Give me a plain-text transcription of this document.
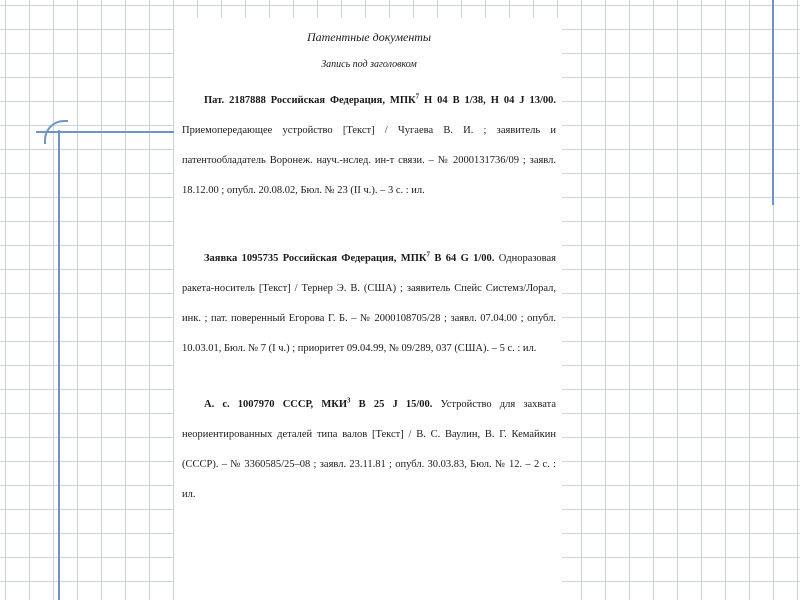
Патентные документы
Запись под заголовком

Пат. 2187888 Российская Федерация, МПК$^7$ Н 04 В 1/38, Н 04 J 13/00. Приемопередающее устройство [Текст] / Чугаева В. И. ; заявитель и патентообладатель Воронеж. науч.-нслед. ин-т связи. – № 2000131736/09 ; заявл. 18.12.00 ; опубл. 20.08.02, Бюл. № 23 (II ч.). – 3 с. : ил.

Заявка 1095735 Российская Федерация, МПК$^7$ В 64 G 1/00. Одноразовая ракета-носитель [Текст] / Тернер Э. В. (США) ; заявитель Спейс Системз/Лорал, инк. ; пат. поверенный Егорова Г. Б. – № 2000108705/28 ; заявл. 07.04.00 ; опубл. 10.03.01, Бюл. № 7 (I ч.) ; приоритет 09.04.99, № 09/289, 037 (США). – 5 с. : ил.

А. с. 1007970 СССР, МКИ$^3$ В 25 J 15/00. Устройство для захвата неориентированных деталей типа валов [Текст] / В. С. Ваулин, В. Г. Кемайкин (СССР). – № 3360585/25–08 ; заявл. 23.11.81 ; опубл. 30.03.83, Бюл. № 12. – 2 с. : ил.
